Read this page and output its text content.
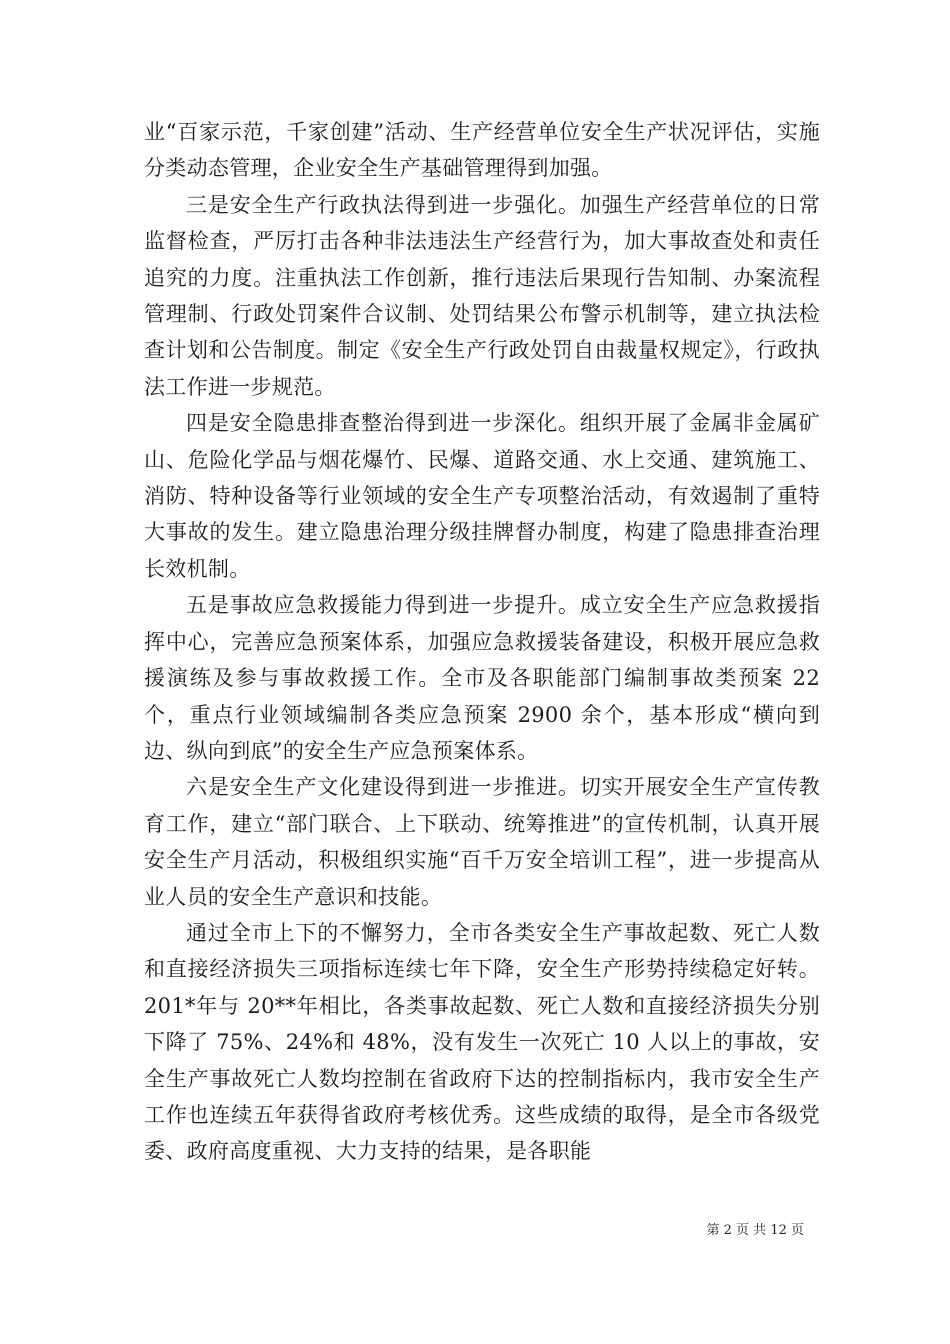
业“百家示范，千家创建”活动、生产经营单位安全生产状况评估，实施分类动态管理，企业安全生产基础管理得到加强。

三是安全生产行政执法得到进一步强化。加强生产经营单位的日常监督检查，严厉打击各种非法违法生产经营行为，加大事故查处和责任追究的力度。注重执法工作创新，推行违法后果现行告知制、办案流程管理制、行政处罚案件合议制、处罚结果公布警示机制等，建立执法检查计划和公告制度。制定《安全生产行政处罚自由裁量权规定》，行政执法工作进一步规范。

四是安全隐患排查整治得到进一步深化。组织开展了金属非金属矿山、危险化学品与烟花爆竹、民爆、道路交通、水上交通、建筑施工、消防、特种设备等行业领域的安全生产专项整治活动，有效遏制了重特大事故的发生。建立隐患治理分级挂牌督办制度，构建了隐患排查治理长效机制。

五是事故应急救援能力得到进一步提升。成立安全生产应急救援指挥中心，完善应急预案体系，加强应急救援装备建设，积极开展应急救援演练及参与事故救援工作。全市及各职能部门编制事故类预案 22 个，重点行业领域编制各类应急预案 2900 余个，基本形成“横向到边、纵向到底”的安全生产应急预案体系。

六是安全生产文化建设得到进一步推进。切实开展安全生产宣传教育工作，建立“部门联合、上下联动、统筹推进”的宣传机制，认真开展安全生产月活动，积极组织实施“百千万安全培训工程”，进一步提高从业人员的安全生产意识和技能。

通过全市上下的不懈努力，全市各类安全生产事故起数、死亡人数和直接经济损失三项指标连续七年下降，安全生产形势持续稳定好转。201*年与 20**年相比，各类事故起数、死亡人数和直接经济损失分别下降了 75%、24%和 48%，没有发生一次死亡 10 人以上的事故，安全生产事故死亡人数均控制在省政府下达的控制指标内，我市安全生产工作也连续五年获得省政府考核优秀。这些成绩的取得，是全市各级党委、政府高度重视、大力支持的结果，是各职能

第 2 页 共 12 页
